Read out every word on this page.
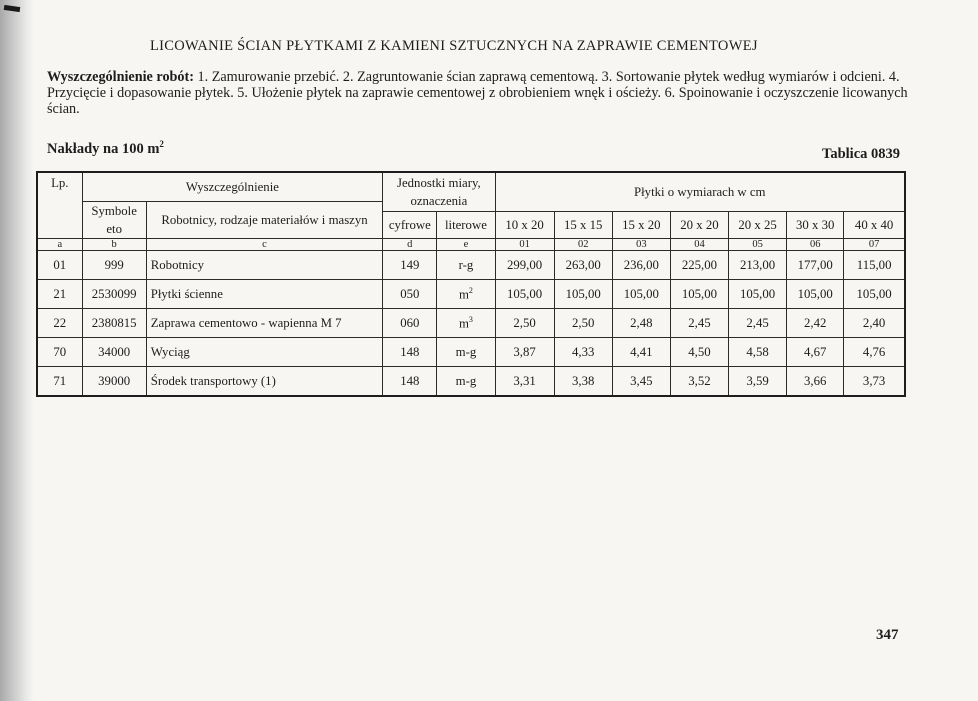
LICOWANIE ŚCIAN PŁYTKAMI Z KAMIENI SZTUCZNYCH NA ZAPRAWIE CEMENTOWEJ
Wyszczególnienie robót: 1. Zamurowanie przebić. 2. Zagruntowanie ścian zaprawą cementową. 3. Sortowanie płytek według wymiarów i odcieni. 4. Przycięcie i dopasowanie płytek. 5. Ułożenie płytek na zaprawie cementowej z obrobieniem wnęk i ościeży. 6. Spoinowanie i oczyszczenie licowanych ścian.
Nakłady na 100 $m^2$
Tablica 0839
Lp.	Wyszczególnienie		Jednostki miary, oznaczenia		Płytki o wymiarach w cm						
	Symbole eto	Robotnicy, rodzaje materiałów i maszyn									
			cyfrowe	literowe	10 x 20	15 x 15	15 x 20	20 x 20	20 x 25	30 x 30	40 x 40
a	b	c	d	e	01	02	03	04	05	06	07
01	999	Robotnicy	149	r-g	299,00	263,00	236,00	225,00	213,00	177,00	115,00
21	2530099	Płytki ścienne	050	$m^2$	105,00	105,00	105,00	105,00	105,00	105,00	105,00
22	2380815	Zaprawa cementowo - wapienna M 7	060	$m^3$	2,50	2,50	2,48	2,45	2,45	2,42	2,40
70	34000	Wyciąg	148	m-g	3,87	4,33	4,41	4,50	4,58	4,67	4,76
71	39000	Środek transportowy (1)	148	m-g	3,31	3,38	3,45	3,52	3,59	3,66	3,73
347
